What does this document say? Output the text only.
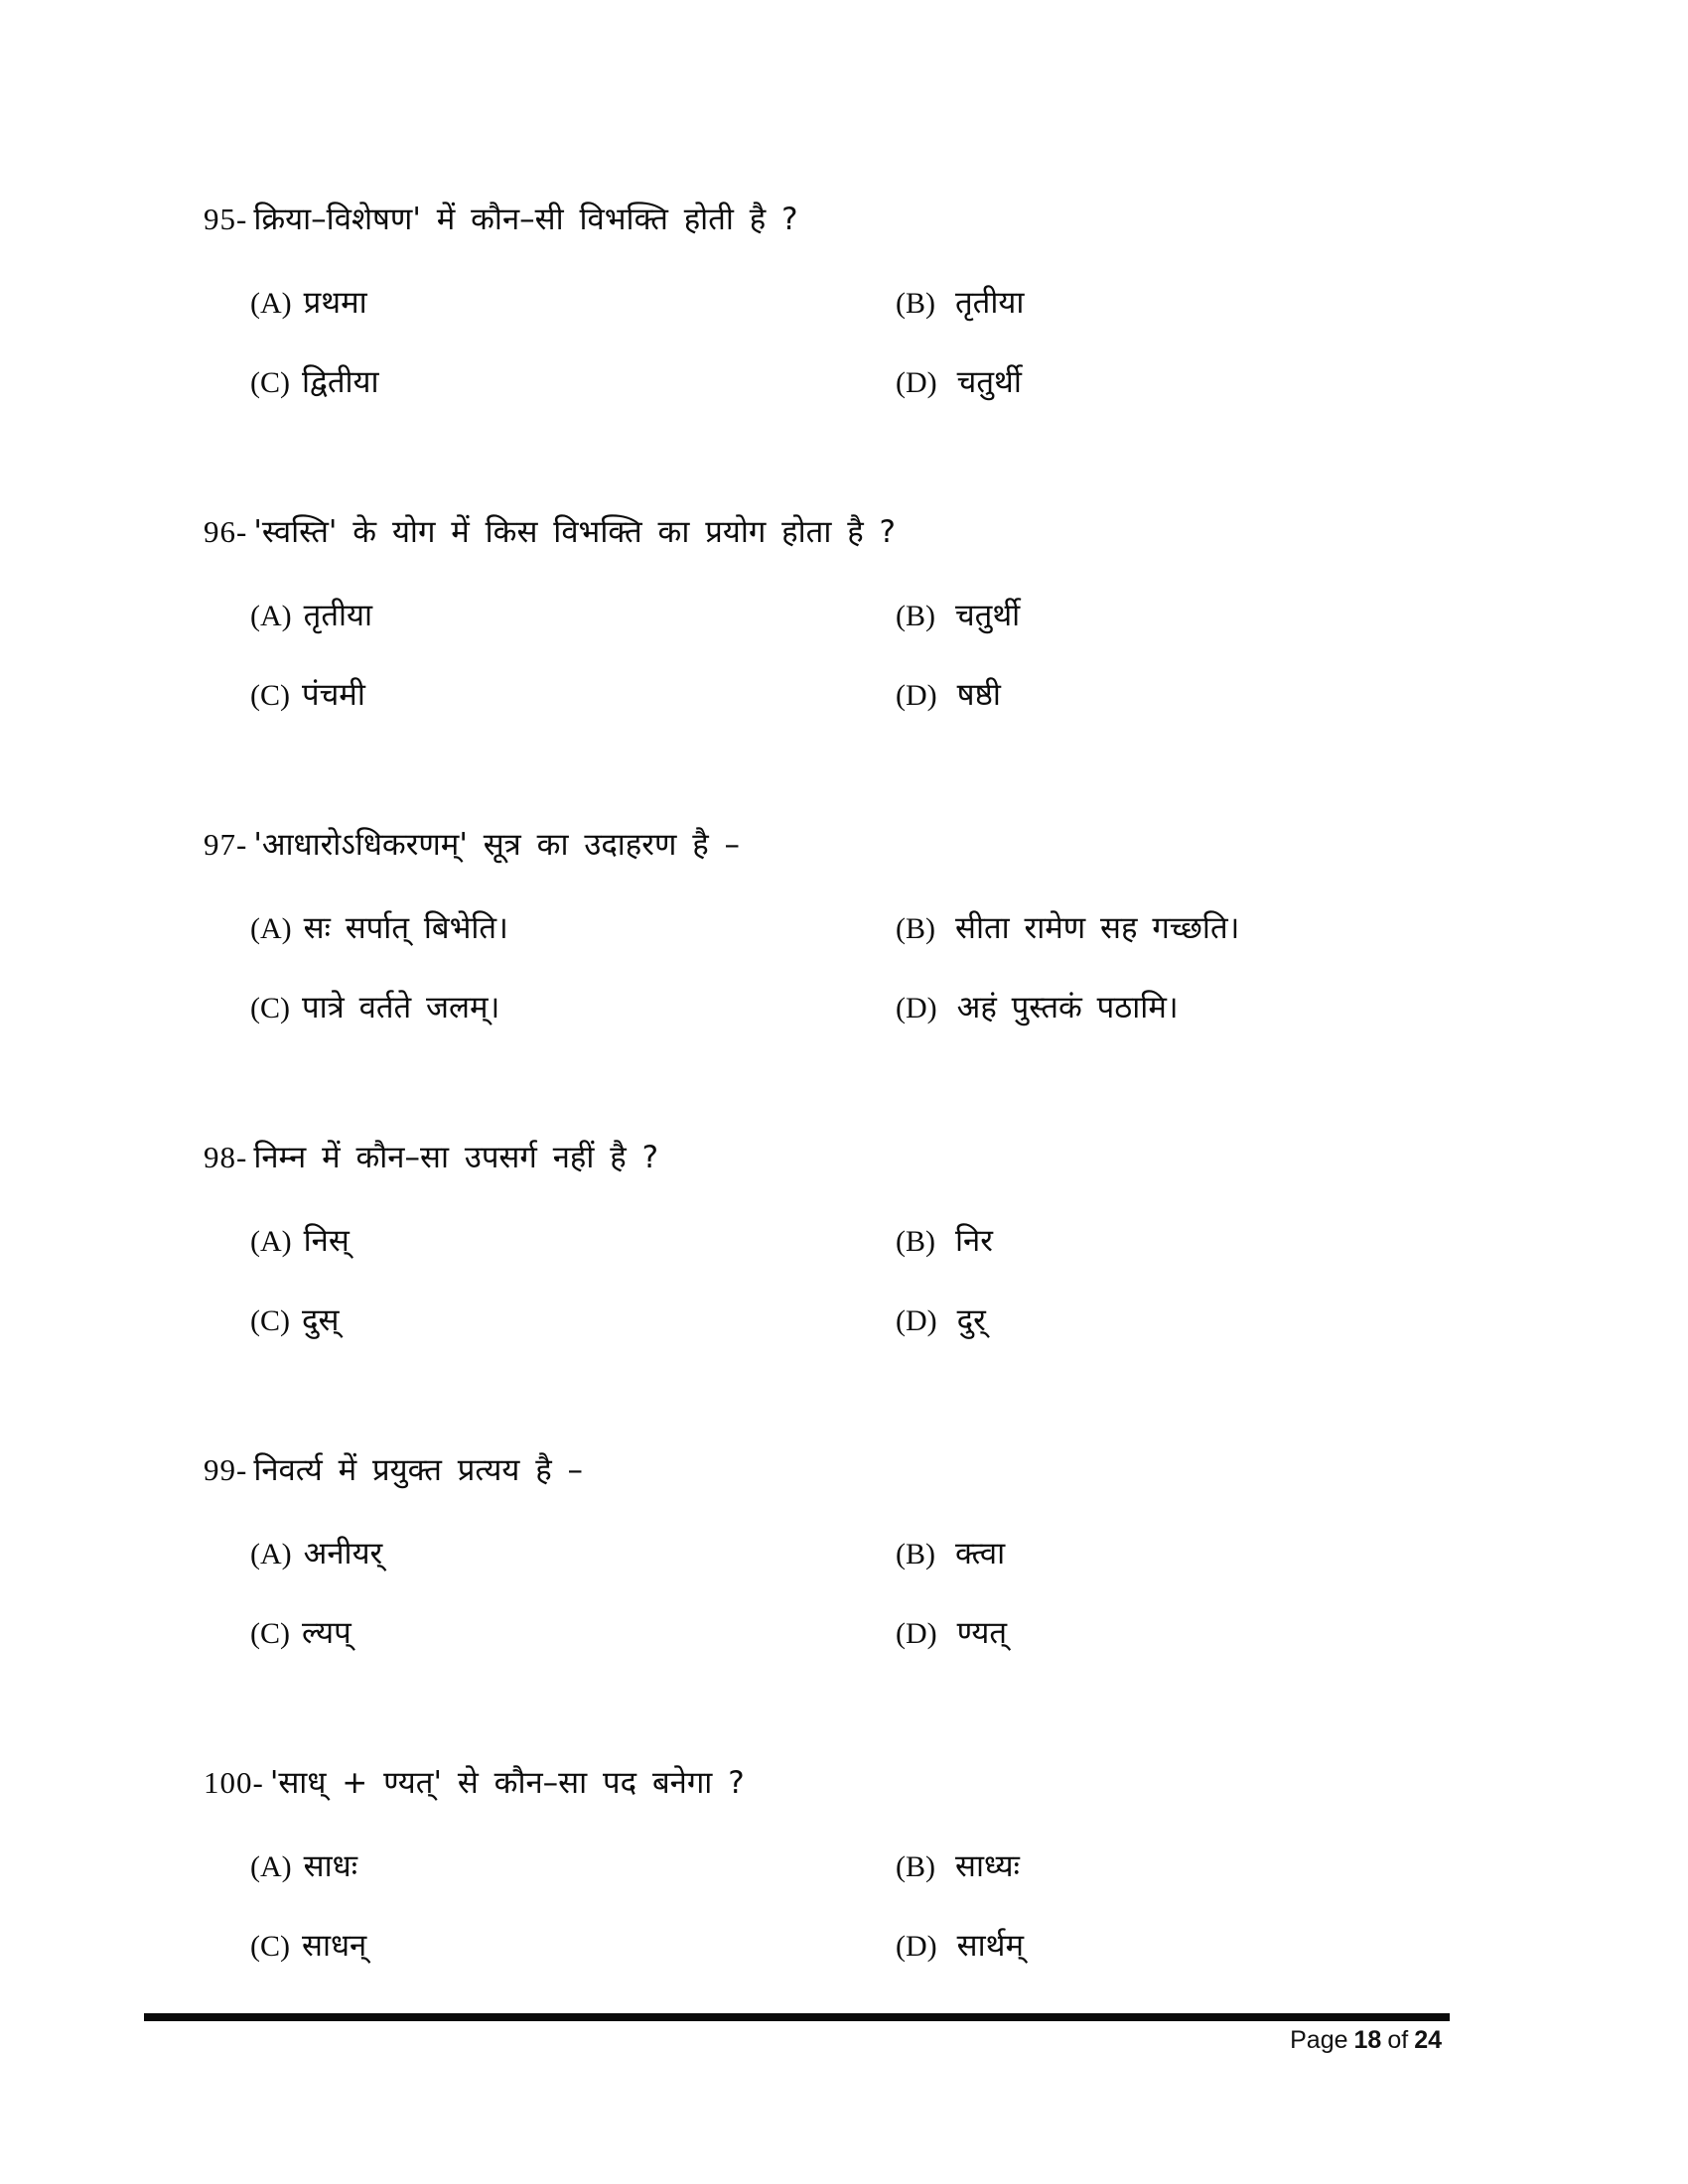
95- क्रिया–विशेषण' में कौन–सी विभक्ति होती है ?
(A) प्रथमा	(B) तृतीया
(C) द्वितीया	(D) चतुर्थी
96- 'स्वस्ति' के योग में किस विभक्ति का प्रयोग होता है ?
(A) तृतीया	(B) चतुर्थी
(C) पंचमी	(D) षष्ठी
97- 'आधारोऽधिकरणम्' सूत्र का उदाहरण है –
(A) सः सर्पात् बिभेति।	(B) सीता रामेण सह गच्छति।
(C) पात्रे वर्तते जलम्।	(D) अहं पुस्तकं पठामि।
98- निम्न में कौन–सा उपसर्ग नहीं है ?
(A) निस्	(B) निर
(C) दुस्	(D) दुर्
99- निवर्त्य में प्रयुक्त प्रत्यय है –
(A) अनीयर्	(B) क्त्वा
(C) ल्यप्	(D) ण्यत्
100- 'साध् + ण्यत्' से कौन–सा पद बनेगा ?
(A) साधः	(B) साध्यः
(C) साधन्	(D) सार्थम्
Page 18 of 24
